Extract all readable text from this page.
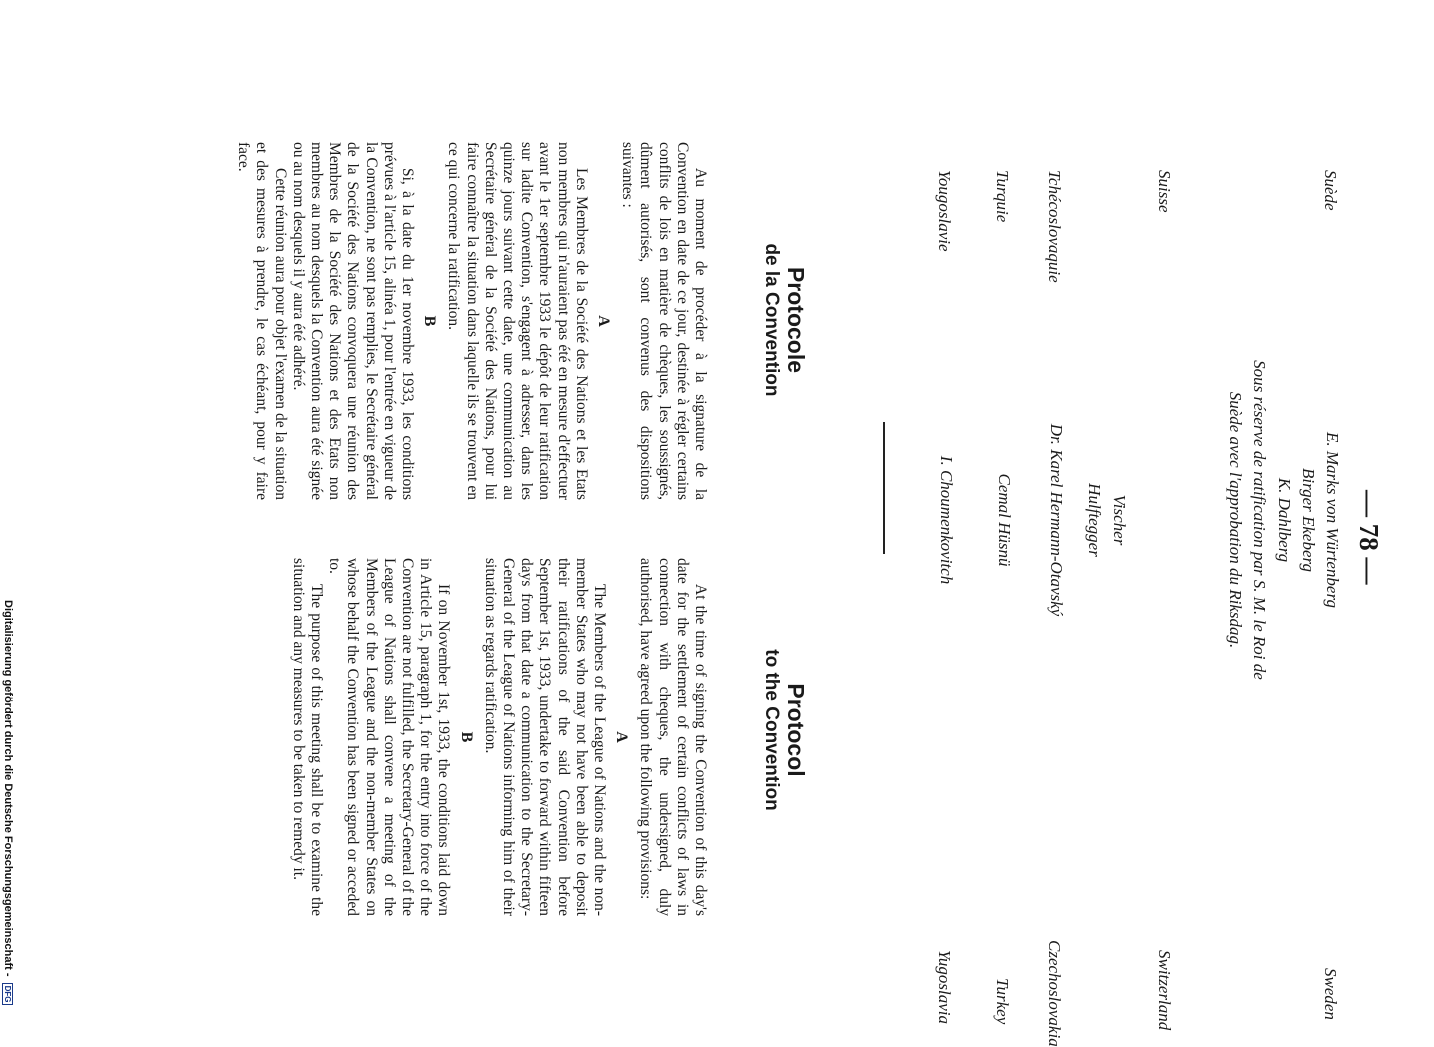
— 78 —
Suède
Sweden
E. Marks von Würtenberg
Birger Ekeberg
K. Dahlberg
Sous réserve de ratification par S. M. le Roi de
Suède avec l'approbation du Riksdag.
Suisse
Switzerland
Vischer
Hulftegger
Tchécoslovaquie
Czechoslovakia
Dr. Karel Hermann-Otavský
Turquie
Turkey
Cemal Hüsnü
Yougoslavie
Yugoslavia
I. Choumenkovitch
Protocole
de la Convention
Protocol
to the Convention

Au moment de procéder à la signature de la Convention en date de ce jour, destinée à régler certains conflits de lois en matière de chèques, les soussignés, dûment autorisés, sont convenus des dispositions suivantes :

A

Les Membres de la Société des Nations et les Etats non membres qui n'auraient pas été en mesure d'effectuer avant le 1er septembre 1933 le dépôt de leur ratification sur ladite Convention, s'engagent à adresser, dans les quinze jours suivant cette date, une communication au Secrétaire général de la Société des Nations, pour lui faire connaître la situation dans laquelle ils se trouvent en ce qui concerne la ratification.

B

Si, à la date du 1er novembre 1933, les conditions prévues à l'article 15, alinéa 1, pour l'entrée en vigueur de la Convention, ne sont pas remplies, le Secrétaire général de la Société des Nations convoquera une réunion des Membres de la Société des Nations et des Etats non membres au nom desquels la Convention aura été signée ou au nom desquels il y aura été adhéré.

Cette réunion aura pour objet l'examen de la situation et des mesures à prendre, le cas échéant, pour y faire face.

At the time of signing the Convention of this day's date for the settlement of certain conflicts of laws in connection with cheques, the undersigned, duly authorised, have agreed upon the following provisions:

A

The Members of the League of Nations and the non-member States who may not have been able to deposit their ratifications of the said Convention before September 1st, 1933, undertake to forward within fifteen days from that date a communication to the Secretary-General of the League of Nations informing him of their situation as regards ratification.

B

If on November 1st, 1933, the conditions laid down in Article 15, paragraph 1, for the entry into force of the Convention are not fulfilled, the Secretary-General of the League of Nations shall convene a meeting of the Members of the League and the non-member States on whose behalf the Convention has been signed or acceded to.

The purpose of this meeting shall be to examine the situation and any measures to be taken to remedy it.

Digitalisierung gefördert durch die Deutsche Forschungsgemeinschaft - DFG
